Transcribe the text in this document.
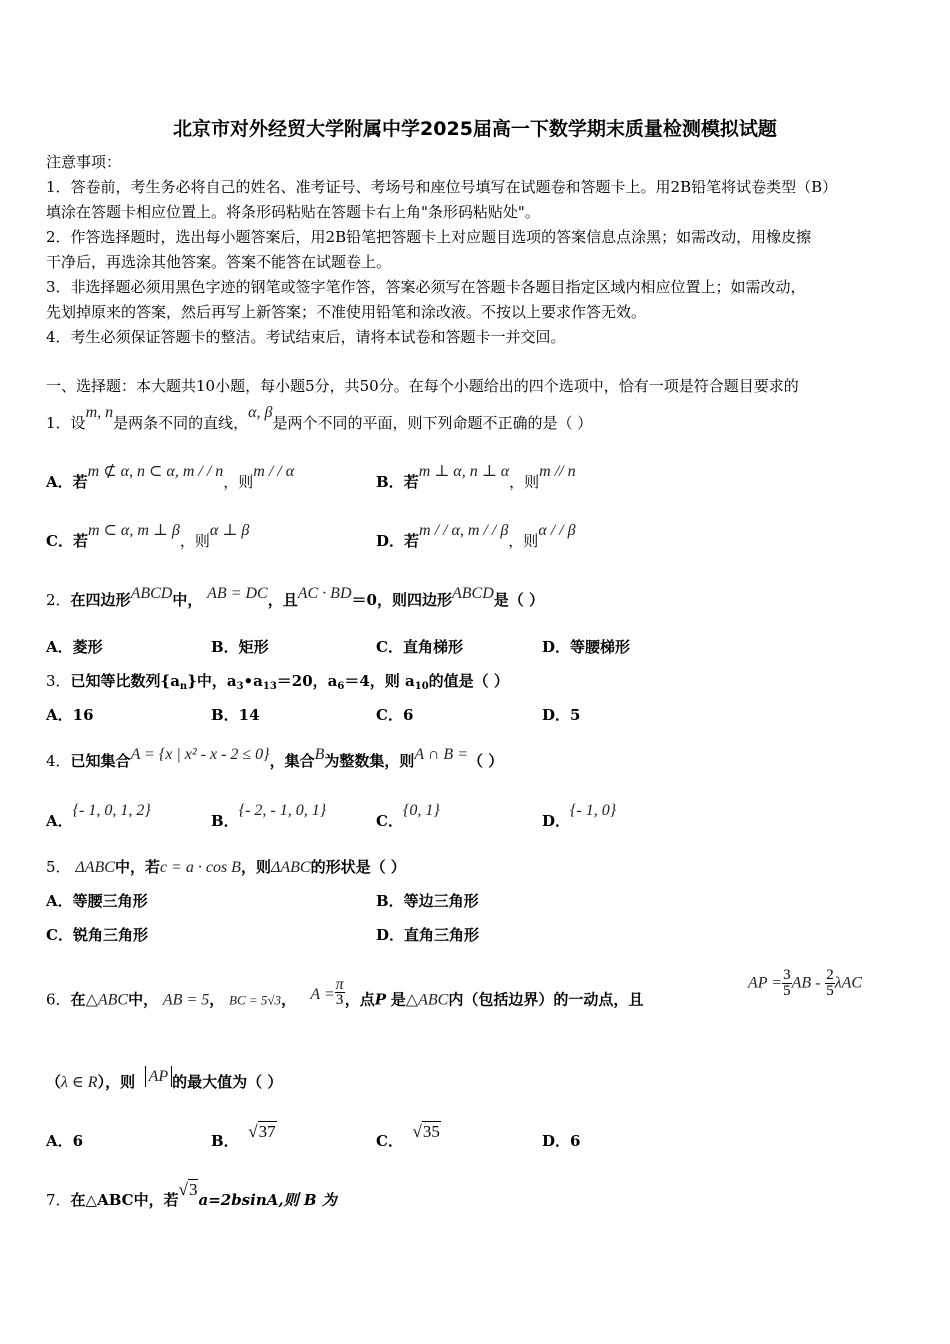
北京市对外经贸大学附属中学2025届高一下数学期末质量检测模拟试题
注意事项：
1．答卷前，考生务必将自己的姓名、准考证号、考场号和座位号填写在试题卷和答题卡上。用2B铅笔将试卷类型（B）
填涂在答题卡相应位置上。将条形码粘贴在答题卡右上角"条形码粘贴处"。
2．作答选择题时，选出每小题答案后，用2B铅笔把答题卡上对应题目选项的答案信息点涂黑；如需改动，用橡皮擦
干净后，再选涂其他答案。答案不能答在试题卷上。
3．非选择题必须用黑色字迹的钢笔或签字笔作答，答案必须写在答题卡各题目指定区域内相应位置上；如需改动，
先划掉原来的答案，然后再写上新答案；不准使用铅笔和涂改液。不按以上要求作答无效。
4．考生必须保证答题卡的整洁。考试结束后，请将本试卷和答题卡一并交回。
一、选择题：本大题共10小题，每小题5分，共50分。在每个小题给出的四个选项中，恰有一项是符合题目要求的
1．设m, n是两条不同的直线，α, β是两个不同的平面，则下列命题不正确的是（ ）
A．若m ⊄ α, n ⊂ α, m / / n，则m / / α
B．若m ⊥ α, n ⊥ α，则m // n
C．若m ⊂ α, m ⊥ β，则α ⊥ β
D．若m / / α, m / / β，则α / / β
2．在四边形ABCD中， AB = DC，且AC · BD＝0，则四边形ABCD是（ ）
A．菱形	B．矩形	C．直角梯形	D．等腰梯形
3．已知等比数列$\{a_n\}$中，$a_3•a_{13}=20$，$a_6=4$，则 $a_{10}$的值是（ ）
A．16	B．14	C．6	D．5
4．已知集合A = {x | x² - x - 2 ≤ 0}，集合B为整数集，则A ∩ B =（ ）
A．{- 1, 0, 1, 2}
B．{- 2, - 1, 0, 1}
C．{0, 1}
D．{- 1, 0}
5． ΔABC中，若c = a · cos B，则ΔABC的形状是（ ）
A．等腰三角形	B．等边三角形
C．锐角三角形	D．直角三角形
6．在△ABC中， AB = 5， BC = 5√3， $A = \frac{\pi}{3}$ ，点P 是△ABC内（包括边界）的一动点，且
AP = $\frac{3}{5}$ AB - $\frac{2}{5}$ λAC
（λ ∈ R），则 AP 的最大值为（ ）
A．6	B． √37	C． √35	D．6
7．在△ABC中，若√3a=2bsinA,则 B 为
